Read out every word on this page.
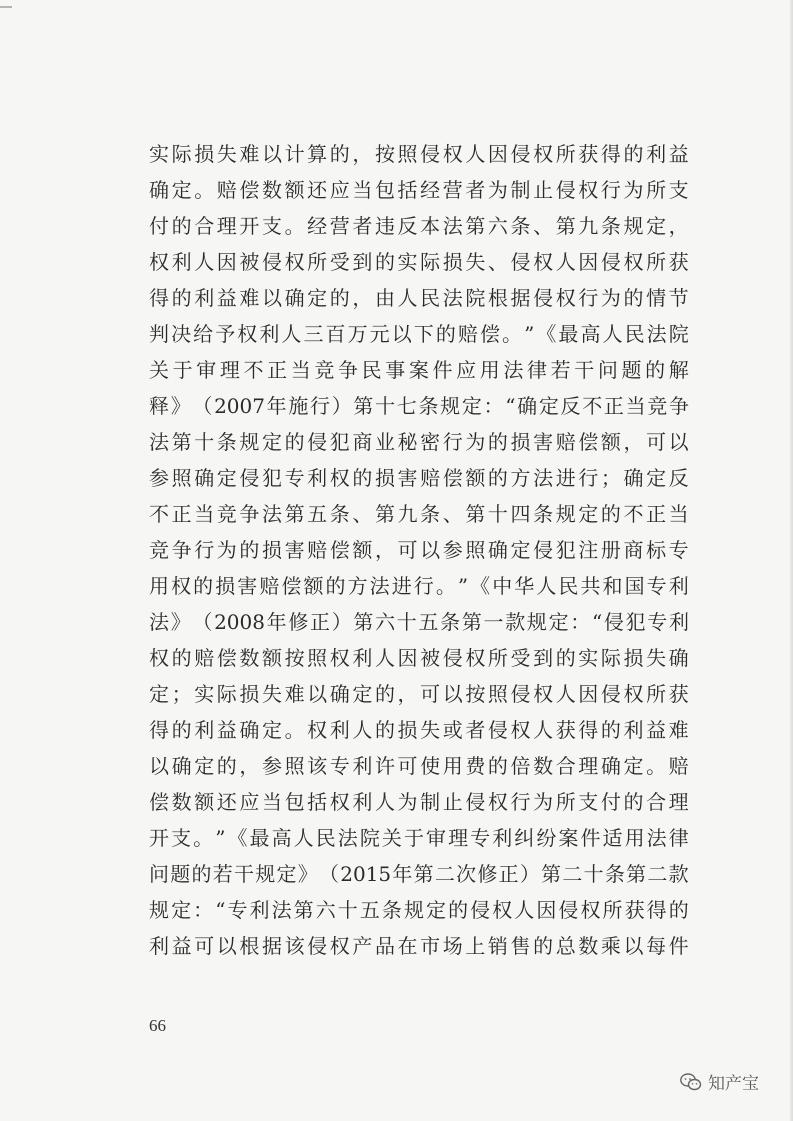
实 际 损 失 难 以 计 算 的 ， 按 照 侵 权 人 因 侵 权 所 获 得 的 利 益
确 定 。 赔 偿 数 额 还 应 当 包 括 经 营 者 为 制 止 侵 权 行 为 所 支
付 的 合 理 开 支 。 经 营 者 违 反 本 法 第 六 条 、 第 九 条 规 定 ，
权 利 人 因 被 侵 权 所 受 到 的 实 际 损 失 、 侵 权 人 因 侵 权 所 获
得 的 利 益 难 以 确 定 的 ， 由 人 民 法 院 根 据 侵 权 行 为 的 情 节
判 决 给 予 权 利 人 三 百 万 元 以 下 的 赔 偿 。 ” 《 最 高 人 民 法 院
关 于 审 理 不 正 当 竞 争 民 事 案 件 应 用 法 律 若 干 问 题 的 解
释 》 （ 2007 年 施 行 ） 第 十 七 条 规 定 ： “ 确 定 反 不 正 当 竞 争
法 第 十 条 规 定 的 侵 犯 商 业 秘 密 行 为 的 损 害 赔 偿 额 ， 可 以
参 照 确 定 侵 犯 专 利 权 的 损 害 赔 偿 额 的 方 法 进 行 ； 确 定 反
不 正 当 竞 争 法 第 五 条 、 第 九 条 、 第 十 四 条 规 定 的 不 正 当
竞 争 行 为 的 损 害 赔 偿 额 ， 可 以 参 照 确 定 侵 犯 注 册 商 标 专
用 权 的 损 害 赔 偿 额 的 方 法 进 行 。 ” 《 中 华 人 民 共 和 国 专 利
法 》 （ 2008 年 修 正 ） 第 六 十 五 条 第 一 款 规 定 ： “ 侵 犯 专 利
权 的 赔 偿 数 额 按 照 权 利 人 因 被 侵 权 所 受 到 的 实 际 损 失 确
定 ； 实 际 损 失 难 以 确 定 的 ， 可 以 按 照 侵 权 人 因 侵 权 所 获
得 的 利 益 确 定 。 权 利 人 的 损 失 或 者 侵 权 人 获 得 的 利 益 难
以 确 定 的 ， 参 照 该 专 利 许 可 使 用 费 的 倍 数 合 理 确 定 。 赔
偿 数 额 还 应 当 包 括 权 利 人 为 制 止 侵 权 行 为 所 支 付 的 合 理
开 支 。 ” 《 最 高 人 民 法 院 关 于 审 理 专 利 纠 纷 案 件 适 用 法 律
问 题 的 若 干 规 定 》 （ 2015 年 第 二 次 修 正 ） 第 二 十 条 第 二 款
规 定 ： “ 专 利 法 第 六 十 五 条 规 定 的 侵 权 人 因 侵 权 所 获 得 的
利 益 可 以 根 据 该 侵 权 产 品 在 市 场 上 销 售 的 总 数 乘 以 每 件
66
知产宝
